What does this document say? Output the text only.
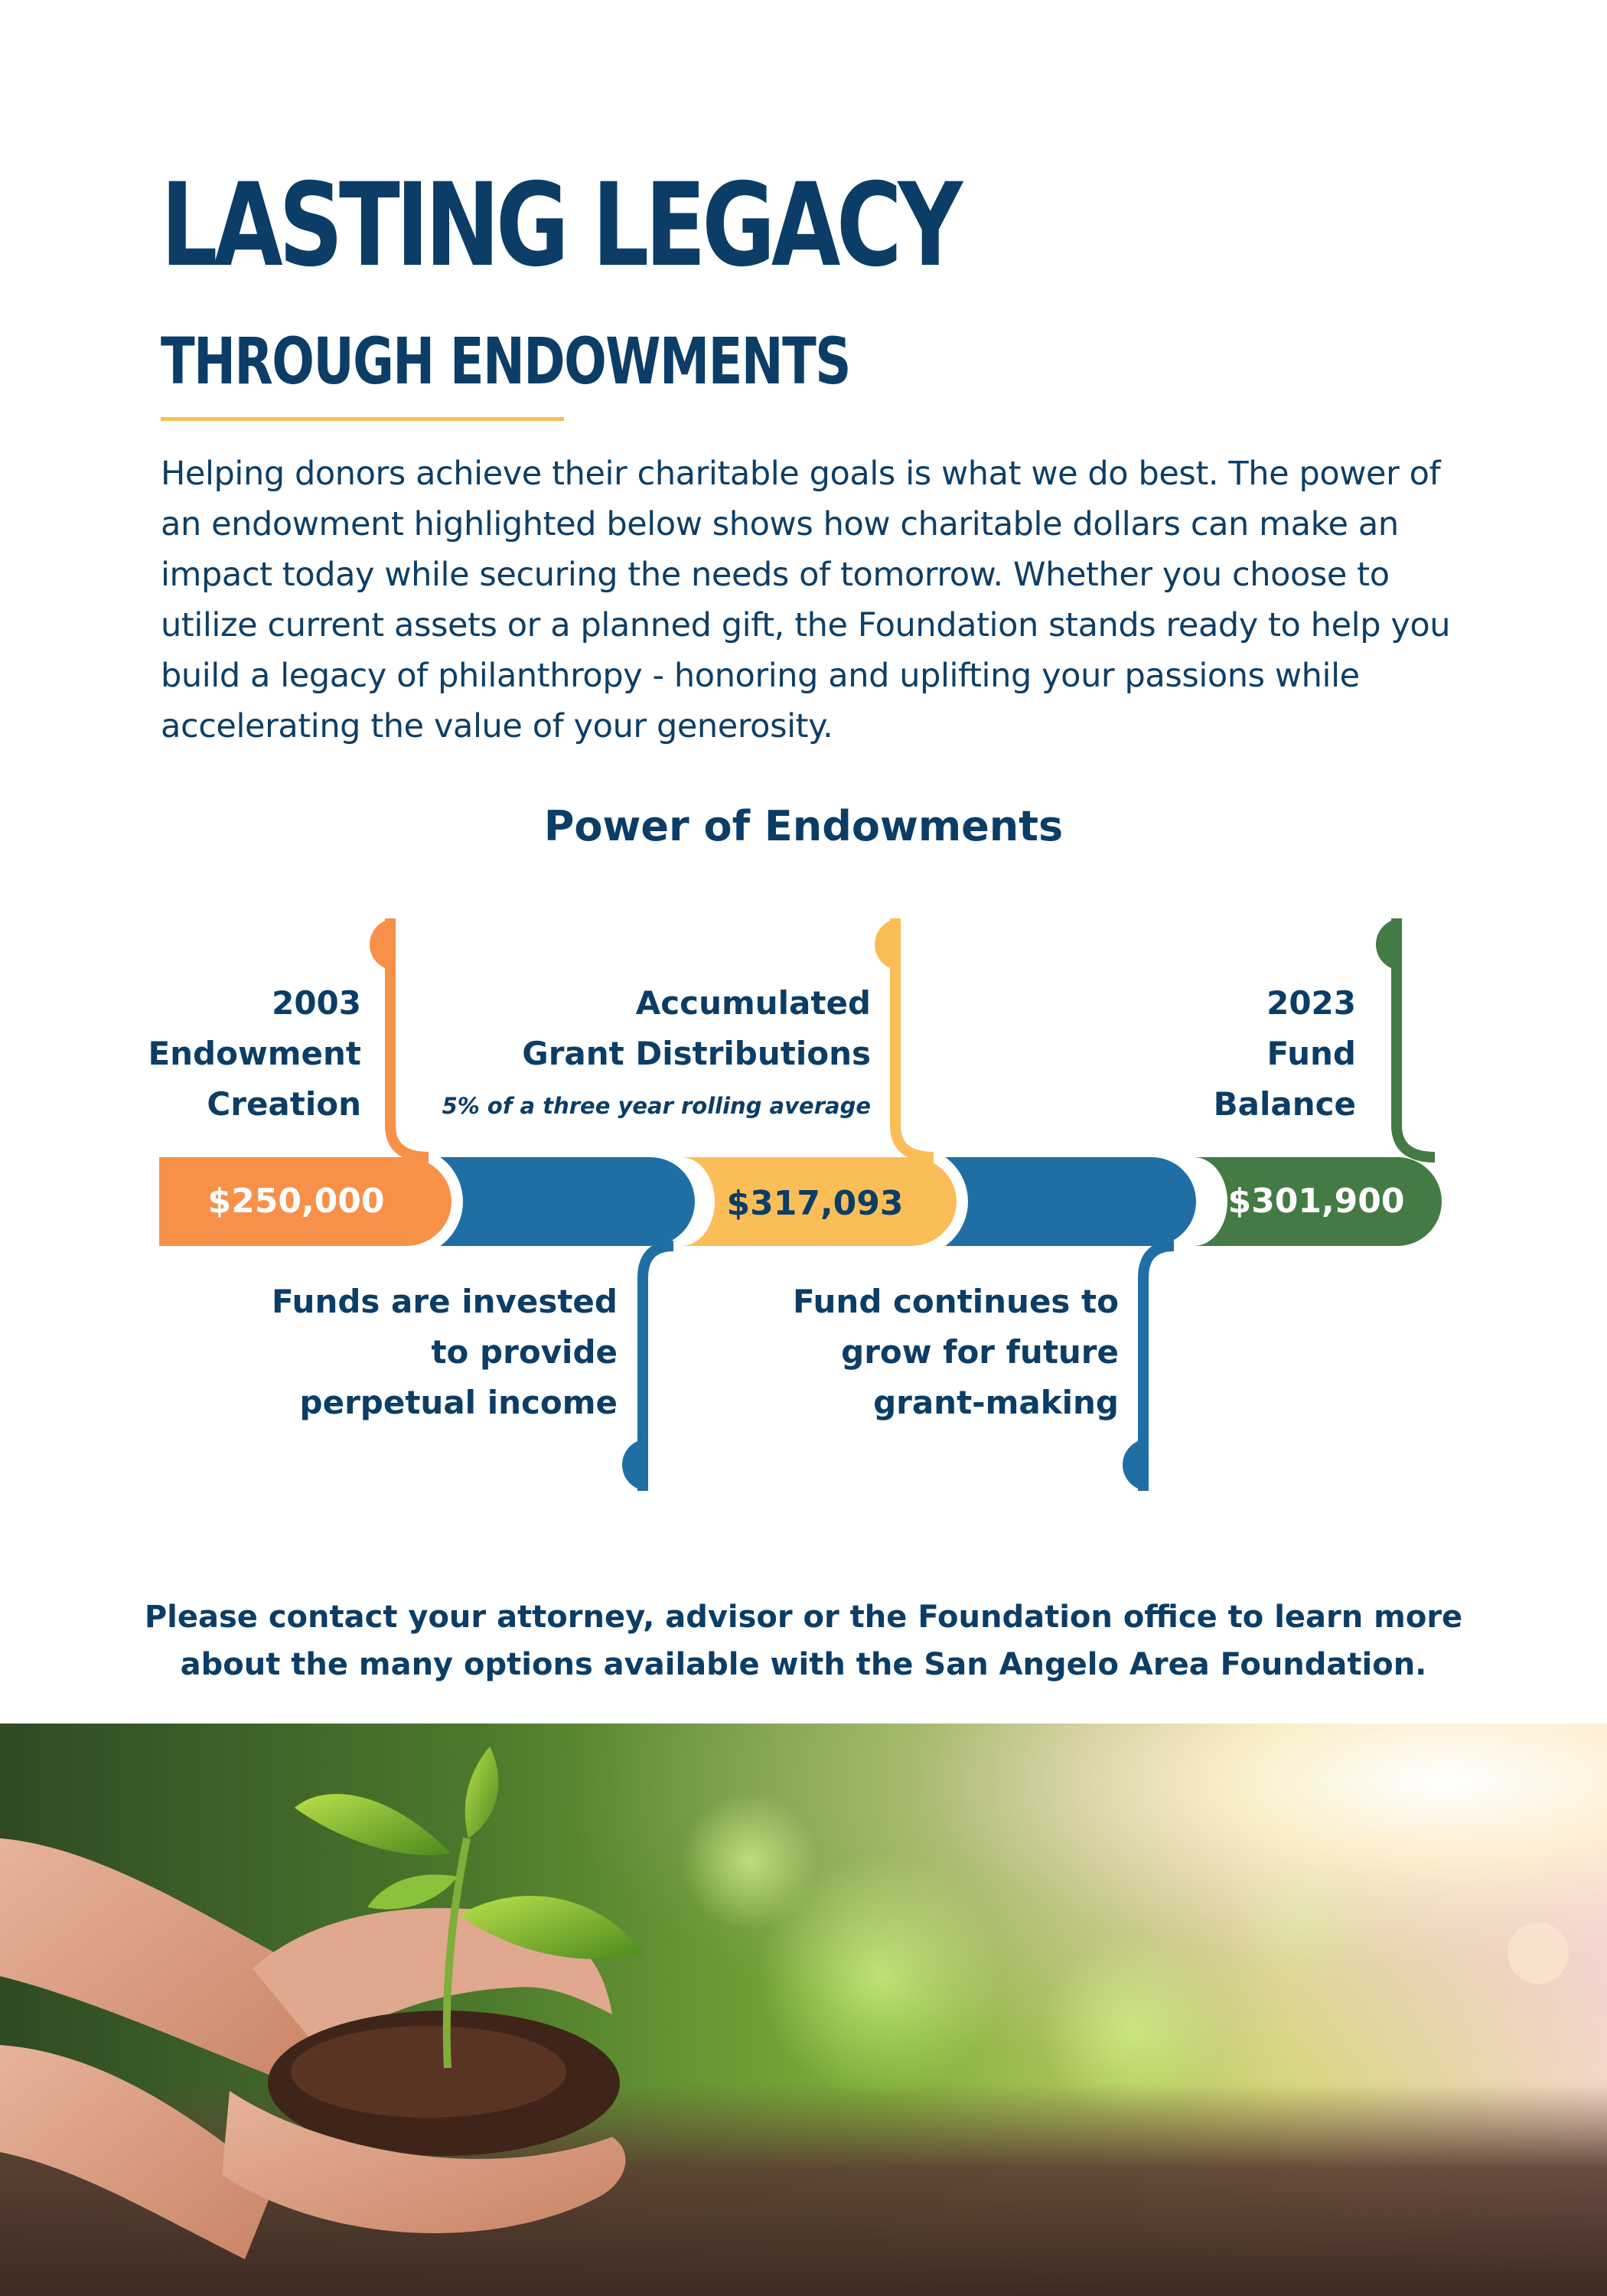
LASTING LEGACY
THROUGH ENDOWMENTS

Helping donors achieve their charitable goals is what we do best. The power of an endowment highlighted below shows how charitable dollars can make an impact today while securing the needs of tomorrow. Whether you choose to utilize current assets or a planned gift, the Foundation stands ready to help you build a legacy of philanthropy - honoring and uplifting your passions while accelerating the value of your generosity.

Power of Endowments
2003
Endowment
Creation
Accumulated
Grant Distributions
5% of a three year rolling average
2023
Fund
Balance
$250,000	$317,093	$301,900
Funds are invested
to provide
perpetual income
Fund continues to
grow for future
grant-making
Please contact your attorney, advisor or the Foundation office to learn more
about the many options available with the San Angelo Area Foundation.
